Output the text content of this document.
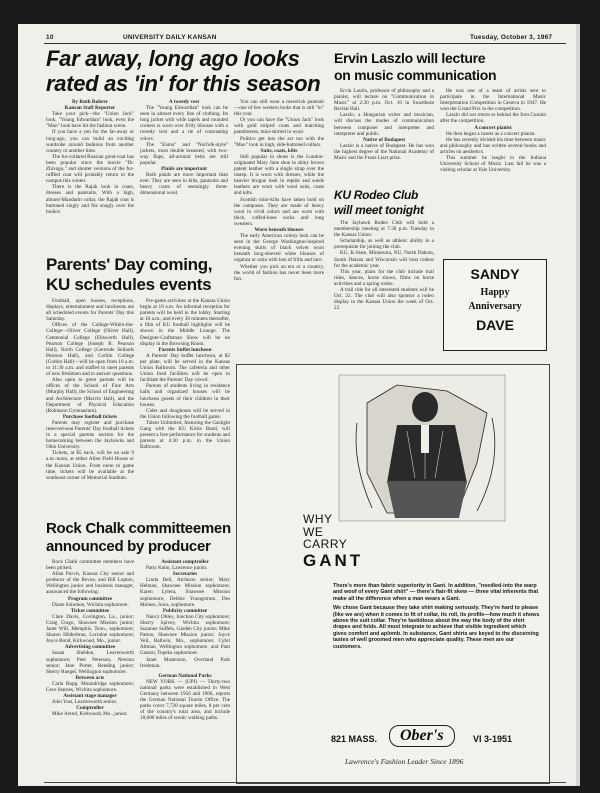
10	UNIVERSITY DAILY KANSAN	Tuesday, October 3, 1967
Far away, long ago looks
rated as 'in' for this season

By Ruth Rohrer

Kansan Staff Reporter

Take your pick—the "Union Jack" look, "Young Edwardian" look, even the "Mao" look have hit the fashion scene.

If you have a yen for the far-away or long-ago, you can build an exciting wardrobe around fashions from another country or another time.

The fur-collared Russian great-coat has been popular since the movie "Dr. Zhivago," and shorter versions of the fur-ruffled coat will probably return to the campus this winter.

There is the Rajah look in coats, dresses and pantsuits. With a high, almost-Mandarin collar, the Rajah coat is buttoned singly and fits snugly over the bodice.

A tweedy vest

The "Young Edwardian" look can be seen in almost every line of clothing. Its long jacket with wide lapels and rounded corners is worn over frilly blouses with a tweedy vest and a tie of contrasting colors.

The "Eaton" and "Norfolk-style" jackets, most double breasted, with two-way flaps, all-around belts are still popular.

Plaids are important

Both plaids are more important than ever. They are seen in kilts, pantsuits and heavy coats of seemingly three-dimensional wool.

You can still wear a maverick pantsuit—one of few western looks that is still "in" this year.

Or you can have the "Union Jack" look with gold striped coats and matching pantdresses, mini-skirted in wool.

Politics get into the act too with the "Mao" look in high, side-buttoned collars.

Suits, coats, kilts

Still popular in shoes is the London-originated Mary Jane shoe in shiny brown patent leather with a single strap over the instep. It is worn with dresses, while the heavier brogue look in reptile and suede leathers are worn with wool suits, coats and kilts.

Scottish mini-kilts have taken hold on the campuses. They are made of heavy wool in vivid colors and are worn with thick, cuffed-knee socks and long sweaters.

Worn beneath blouses

The early American colony look can be seen in the George Washington-inspired evening skirts of black velvet worn beneath long-sleeved white blouses of organza or satin with lots of frills and lace.

Whether you pick an era or a country, the world of fashion has never been more fun.

Ervin Laszlo will lecture
on music communication

Ervin Laszlo, professor of philosophy and a pianist, will lecture on "Communication in Music" at 2:30 p.m. Oct. 10 in Swarthout Recital Hall.

Laszlo, a Hungarian writer and musician, will discuss the modes of communication between composer and interpreter and interpreter and public.

Native of Budapest

Laszlo is a native of Budapest. He has won the highest degree of the National Academy of Music and the Franz Liszt prize.

He was one of a team of artists sent to participate in the International Music Interpretation Competition in Geneva in 1947. He won the Grand Prix in the competition.

Laszlo did not return to behind the Iron Curtain after the competition.

A concert pianist

He then began a career as a concert pianist.

He has recently divided his time between music and philosophy and has written several books and articles on aesthetics.

This summer he taught in the Indiana University School of Music. Last fall he was a visiting scholar at Yale University.

KU Rodeo Club
will meet tonight

The Jayhawk Rodeo Club will hold a membership meeting at 7:30 p.m. Tuesday in the Kansas Union.

Scholarship, as well as athletic ability in a prerequisite for joining the club.

KU, K-State, Minnesota, NU, North Dakota, South Dakota and Wisconsin will host rodeos for the academic year.

This year, plans for the club include trail rides, dances, horse shows, films on horse activities and a spring rodeo.

A trail ride for all interested students will be Oct. 22. The club will also sponsor a rodeo display in the Kansas Union the week of Oct. 22.

SANDY
Happy
Anniversary
DAVE
Parents' Day coming,
KU schedules events

Football, open houses, receptions, displays, entertainment and luncheons are all scheduled events for Parents' Day this Saturday.

Offices of the College-Within-the-College—Oliver College (Oliver Hall), Centennial College (Ellsworth Hall), Pearson College (Joseph R. Pearson Hall), North College (Gertrude Sellards Pearson Hall), and Corbin College (Corbin Hall)—will be open from 10 a.m. to 11:30 a.m. and staffed to meet parents of new freshmen and to answer questions.

Also open to greet parents will be offices of the School of Fine Arts (Murphy Hall), the School of Engineering and Architecture (Marvin Hall), and the Department of Physical Education (Robinson Gymnasium).

Purchase football tickets

Parents may register and purchase reserved-seat Parents' Day football tickets in a special parents section for the homecoming between the Jayhawks and Ohio University.

Tickets, at $5 each, will be on sale 9 a.m.-noon, at either Allen Field House or the Kansas Union. From noon to game time, tickets will be available at the southeast corner of Memorial Stadium.

Pre-game activities at the Kansas Union begin at 10 a.m. An informal reception for parents will be held in the lobby. Starting at 10 a.m., and every 30 minutes thereafter, a film of KU football highlights will be shown in the Middle Lounge. The Designer-Craftsman Show will be on display in the Browsing Room.

Parents buffet luncheon

A Parents' Day buffet luncheon, at $2 per plate, will be served in the Kansas Union Ballroom. The cafeteria and other Union food facilities will be open to facilitate the Parents' Day crowd.

Parents of students living in residence halls and organized houses will be luncheon guests of their children in their houses.

Cider and doughnuts will be served in the Union following the football game.

Talent Unlimited, featuring the Gaslight Gang with the KU Kicks Band, will present a free performance for students and parents at 4:30 p.m. in the Union Ballroom.

Rock Chalk committeemen
announced by producer

Rock Chalk committee members have been picked.

Allan Purvis, Kansas City senior and producer of the Revue, and Bill Lupton, Wellington junior and business manager, announced the following:

Program committee

Diane Solomon, Wichita sophomore.

Ticket committee

Clare Davis, Covington, La., junior; Craig Crago, Shawnee Mission junior; Janet Will, Memphis, Tenn., sophomore; Sharon Hilderbran, Lorraine sophomore; Joyce Bond, Kirkwood, Mo., junior.

Advertising committee

Susan Sheldon, Leavenworth sophomore; Pete Peterson, Newton senior; Jane Porter, Reeding junior; Sherry Ruegel, Wellington sophomore.

Between acts

Carla Rupp, Moundridge sophomore; Cece Starnes, Wichita sophomore.

Assistant stage manager

John Yust, Leavenworth senior.

Comptroller

Mike Arend, Kirkwood, Mo., junior.

Assistant comptroller

Patty Kuhn, Lawrence junior.

Secretaries

Linda Bell, Atchison senior; Mary Helman, Shawnee Mission sophomore; Karen Lylera, Shawnee Mission sophomore; Debbie Youngstrom, Des Moines, Iowa, sophomore.

Publicity committee

Nancy Obley, Junction City sophomore; Sherry Spivey, Wichita sophomore; Suzanne Suffels, Garden City junior; Mike Patton, Shawnee Mission junior; Joyce Veil, Ballwin, Mo., sophomore; Cybil Altman, Wellington sophomore, and Pam Gaston, Topeka sophomore.

Janet Masterson, Overland Park freshman.

German National Parks

NEW YORK — (UPI) — Thirty-two national parks were established in West Germany between 1956 and 1966, reports the German National Tourist Office. The parks cover 7,720 square miles, 8 per cent of the country's total area, and include 18,600 miles of scenic walking paths.

WHY
WE
CARRY
GANT

There's more than fabric superiority in Gant. In addition, "needled-into the warp and woof of every Gant shirt" — there's flair-fit skew — three vital inherents that make all the difference when a man wears a Gant.

We chose Gant because they take shirt making seriously. They're hard to please (like we are) when it comes to fit of collar, its roll, its profile—how much it shows above the suit collar. They're fastidious about the way the body of the shirt drapes and folds. All must integrate to achieve that visible ingredient which gives comfort and aplomb. In substance, Gant shirts are keyed to the discerning tastes of well groomed men who appreciate quality. These men are our customers.

821 MASS.	Ober's	VI 3-1951
Lawrence's Fashion Leader Since 1896
